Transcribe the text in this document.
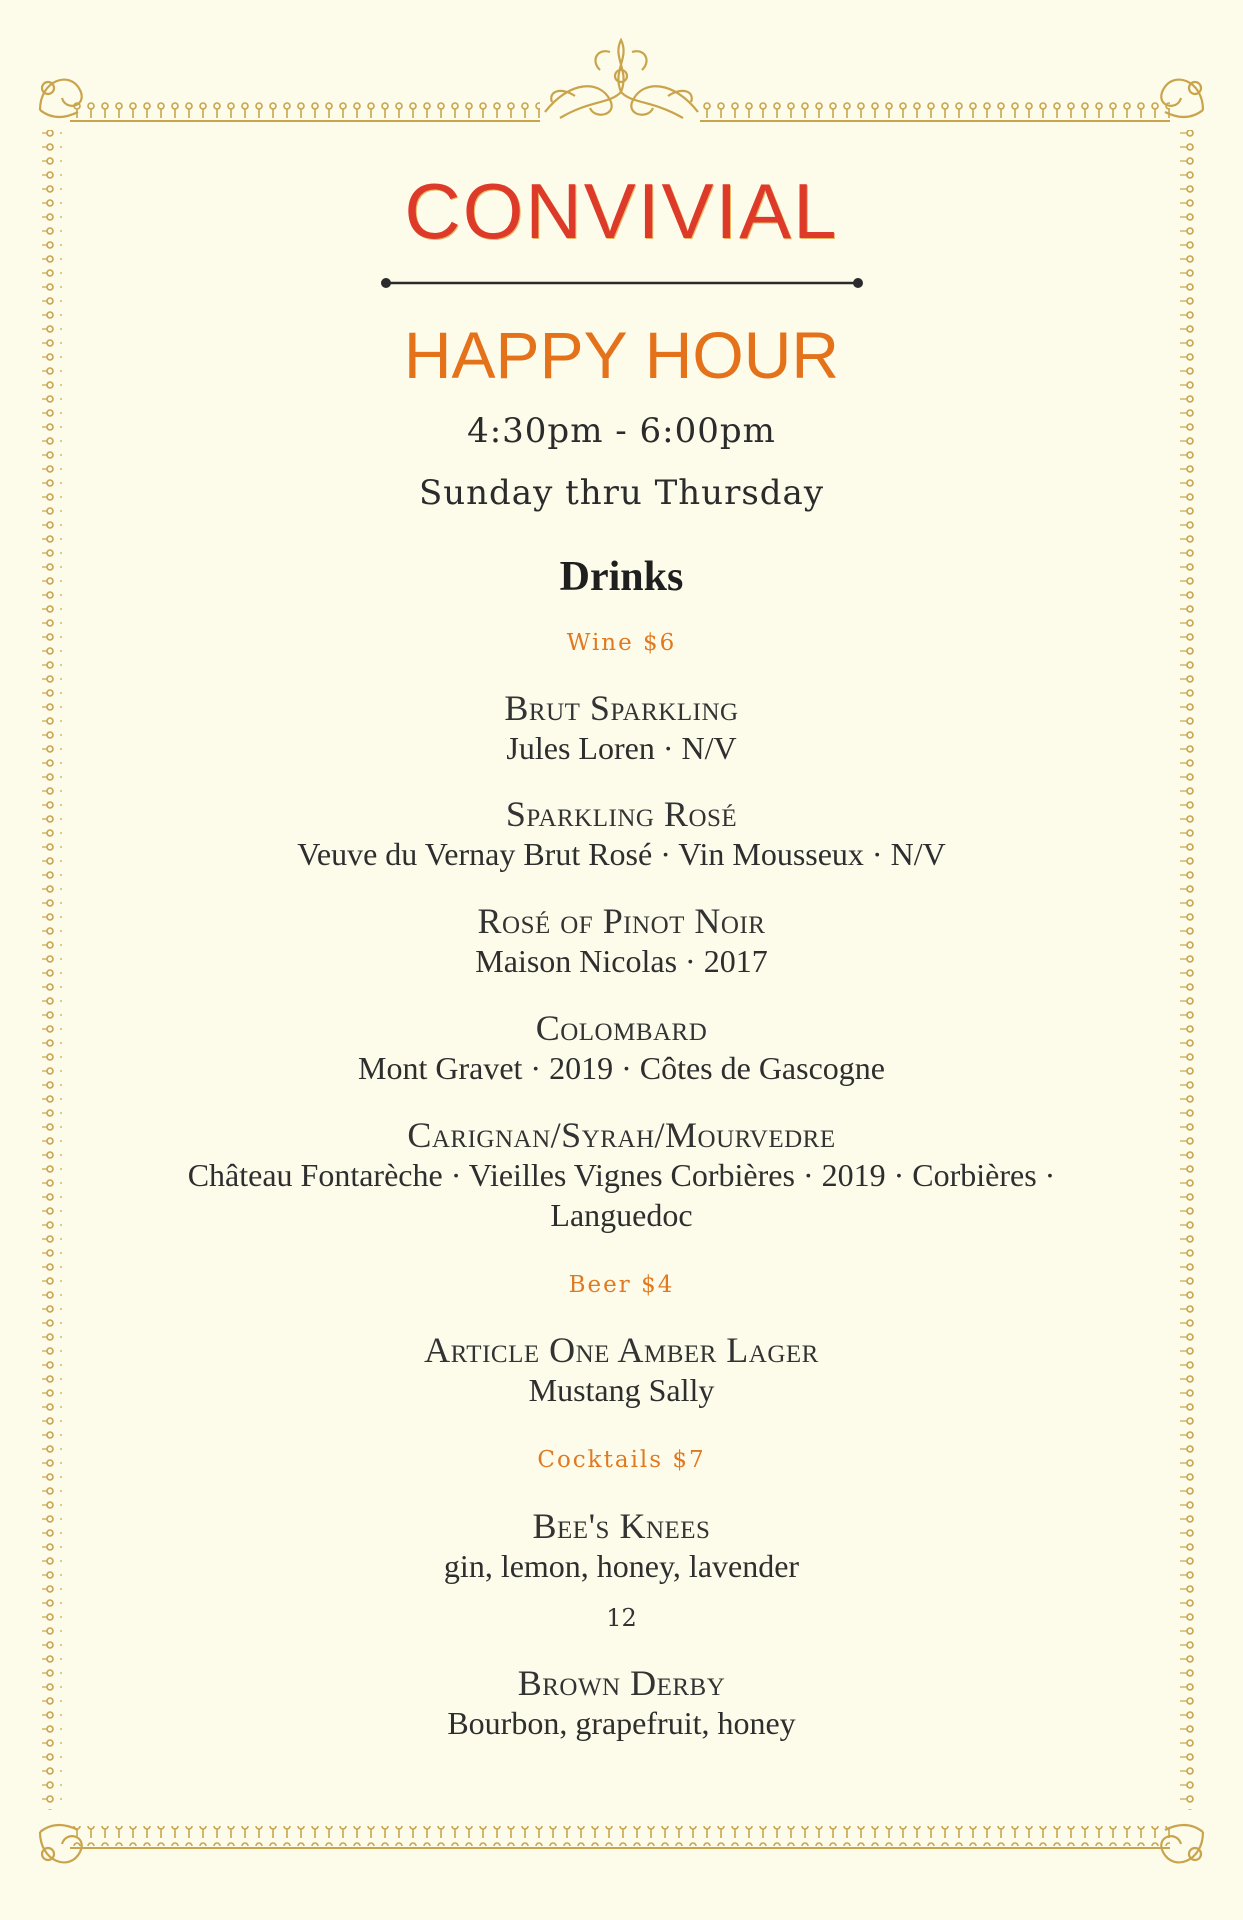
CONVIVIAL
HAPPY HOUR
4:30pm - 6:00pm
Sunday thru Thursday
Drinks
Wine $6
Brut Sparkling
Jules Loren · N/V
Sparkling Rosé
Veuve du Vernay Brut Rosé · Vin Mousseux · N/V
Rosé of Pinot Noir
Maison Nicolas · 2017
Colombard
Mont Gravet · 2019 · Côtes de Gascogne
Carignan/Syrah/Mourvedre
Château Fontarèche · Vieilles Vignes Corbières · 2019 · Corbières · Languedoc
Beer $4
Article One Amber Lager
Mustang Sally
Cocktails $7
Bee's Knees
gin, lemon, honey, lavender
12
Brown Derby
Bourbon, grapefruit, honey
